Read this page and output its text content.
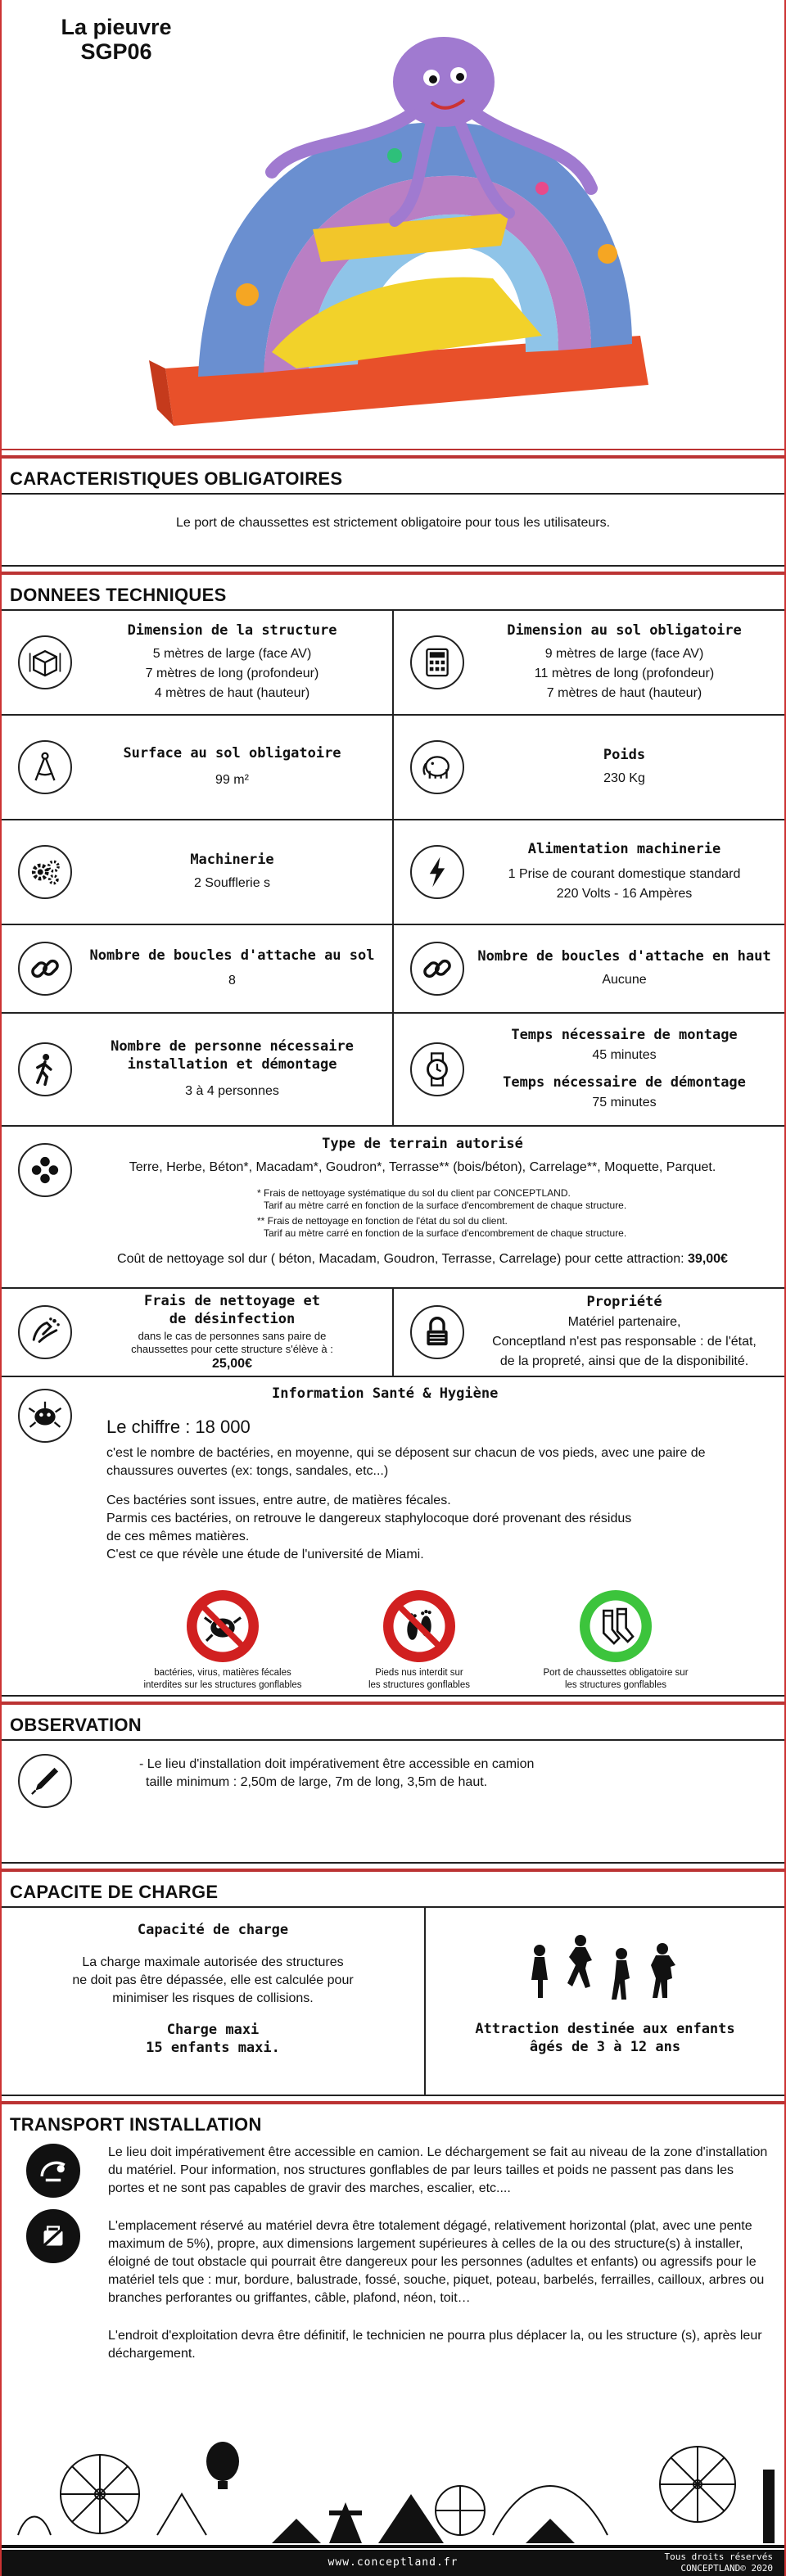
La pieuvre
SGP06
CARACTERISTIQUES OBLIGATOIRES
Le port de chaussettes est strictement obligatoire pour tous les utilisateurs.
DONNEES TECHNIQUES
Dimension de la structure
5 mètres de large (face AV)
7 mètres de long (profondeur)
4 mètres de haut (hauteur)
Dimension au sol obligatoire
9 mètres de large (face AV)
11 mètres de long (profondeur)
7 mètres de haut (hauteur)
Surface au sol obligatoire
99 m²
Poids
230 Kg
Machinerie
2 Soufflerie s
Alimentation machinerie
1 Prise de courant domestique standard
220 Volts - 16 Ampères
Nombre de boucles d'attache au sol
8
Nombre de boucles d'attache en haut
Aucune
Nombre de personne nécessaire installation et démontage
3 à 4 personnes
Temps nécessaire de montage
45 minutes
Temps nécessaire de démontage
75 minutes
Type de terrain autorisé
Terre, Herbe, Béton*, Macadam*, Goudron*, Terrasse** (bois/béton), Carrelage**, Moquette, Parquet.
* Frais de nettoyage systématique du sol du client par CONCEPTLAND.
Tarif au mètre carré en fonction de la surface d'encombrement de chaque structure.
** Frais de nettoyage en fonction de l'état du sol du client.
Tarif au mètre carré en fonction de la surface d'encombrement de chaque structure.
Coût de nettoyage sol dur ( béton, Macadam, Goudron, Terrasse, Carrelage) pour cette attraction: 39,00€
Frais de nettoyage et de désinfection
dans le cas de personnes sans paire de
chaussettes pour cette structure s'élève à :
25,00€
Propriété
Matériel partenaire,
Conceptland n'est pas responsable : de l'état,
de la propreté, ainsi que de la disponibilité.
Information Santé & Hygiène
Le chiffre : 18 000
c'est le nombre de bactéries, en moyenne, qui se déposent sur chacun de vos pieds, avec une paire de chaussures ouvertes (ex: tongs, sandales, etc...)
Ces bactéries sont issues, entre autre, de matières fécales.
Parmis ces bactéries, on retrouve le dangereux staphylocoque doré provenant des résidus
de ces mêmes matières.
C'est ce que révèle une étude de l'université de Miami.
bactéries, virus, matières fécales
interdites sur les structures gonflables
Pieds nus interdit sur
les structures gonflables
Port de chaussettes obligatoire sur
les structures gonflables
OBSERVATION
- Le lieu d'installation doit impérativement être accessible en camion
taille minimum : 2,50m de large, 7m de long, 3,5m de haut.
CAPACITE DE CHARGE
Capacité de charge
La charge maximale autorisée des structures
ne doit pas être dépassée, elle est calculée pour
minimiser les risques de collisions.
Charge maxi
15 enfants maxi.
Attraction destinée aux enfants
âgés de 3 à 12 ans
TRANSPORT INSTALLATION
Le lieu doit impérativement être accessible en camion. Le déchargement se fait au niveau de la zone d'installation du matériel. Pour information, nos structures gonflables de par leurs tailles et poids ne passent pas dans les portes et ne sont pas capables de gravir des marches, escalier, etc....
L'emplacement réservé au matériel devra être totalement dégagé, relativement horizontal (plat, avec une pente maximum de 5%), propre, aux dimensions largement supérieures à celles de la ou des structure(s) à installer, éloigné de tout obstacle qui pourrait être dangereux pour les personnes (adultes et enfants) ou agressifs pour le matériel tels que : mur, bordure, balustrade, fossé, souche, piquet, poteau, barbelés, ferrailles, cailloux, arbres ou branches perforantes ou griffantes, câble, plafond, néon, toit…
L'endroit d'exploitation devra être définitif, le technicien ne pourra plus déplacer la, ou les structure (s), après leur déchargement.
www.conceptland.fr	Tous droits réservés
CONCEPTLAND© 2020
